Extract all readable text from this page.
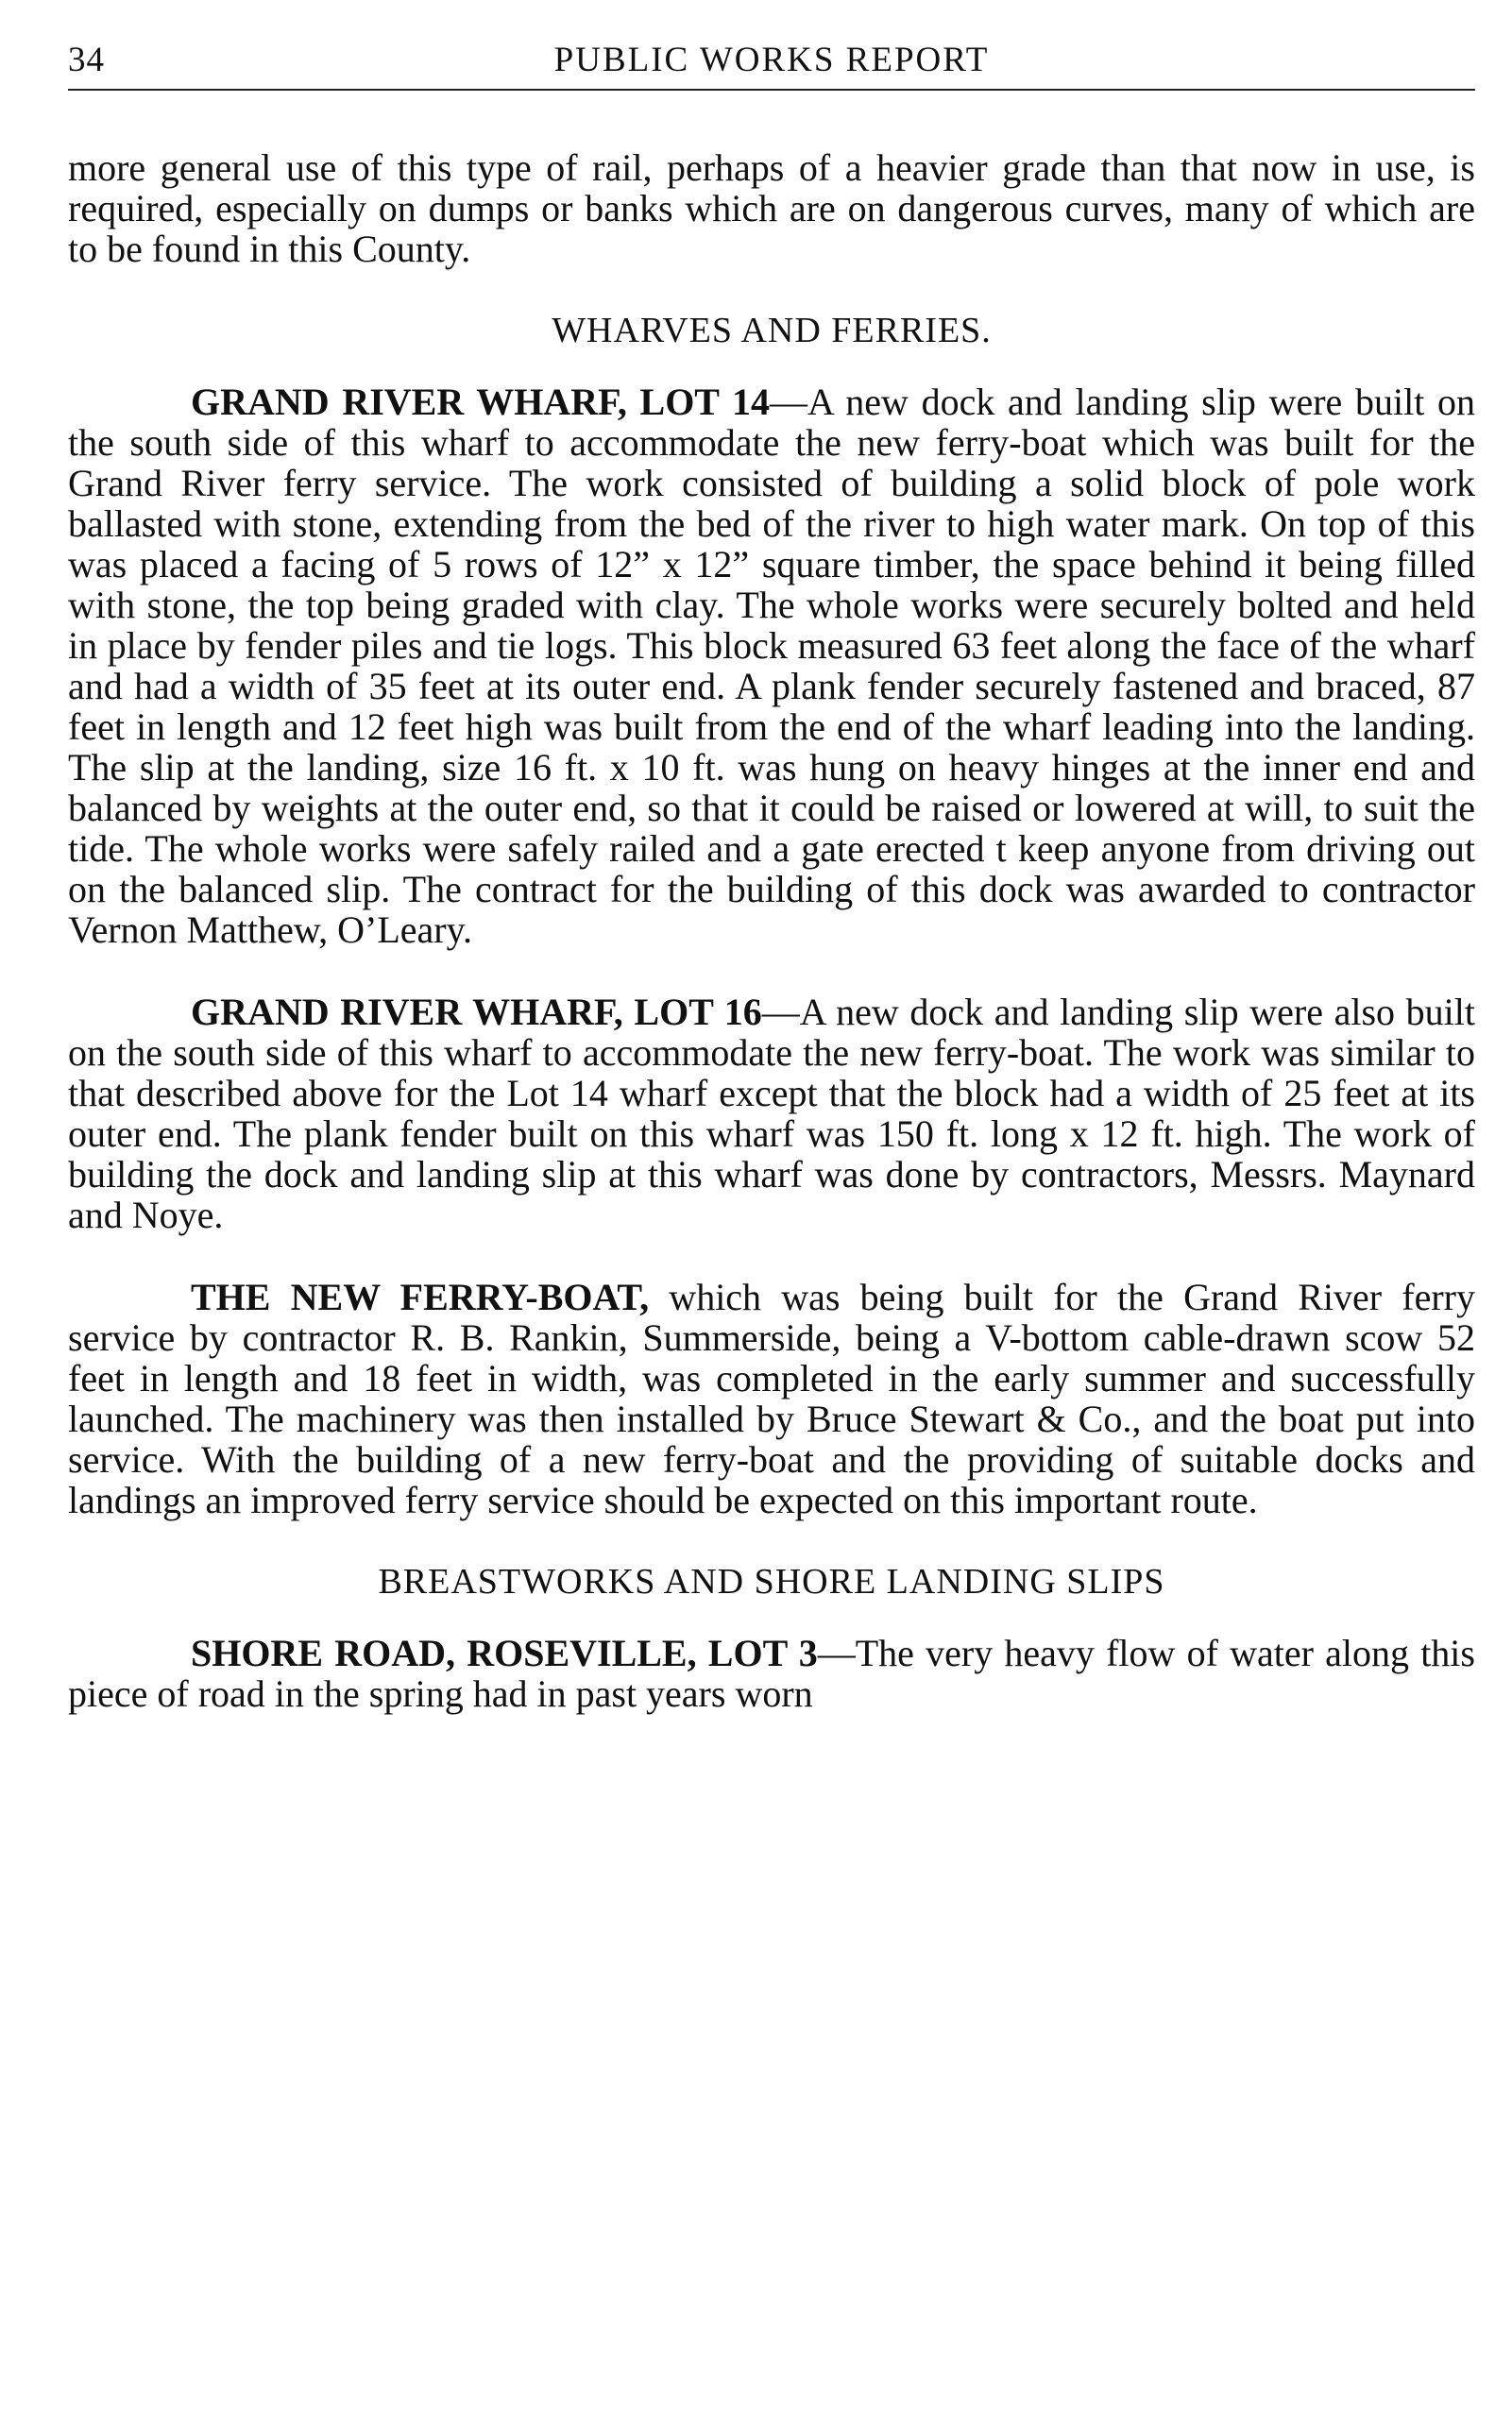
34	PUBLIC WORKS REPORT

more general use of this type of rail, perhaps of a heavier grade than that now in use, is required, especially on dumps or banks which are on dangerous curves, many of which are to be found in this County.

WHARVES AND FERRIES.

GRAND RIVER WHARF, LOT 14—A new dock and landing slip were built on the south side of this wharf to accommodate the new ferry-boat which was built for the Grand River ferry service. The work consisted of building a solid block of pole work ballasted with stone, extending from the bed of the river to high water mark. On top of this was placed a facing of 5 rows of 12” x 12” square timber, the space behind it being filled with stone, the top being graded with clay. The whole works were securely bolted and held in place by fender piles and tie logs. This block measured 63 feet along the face of the wharf and had a width of 35 feet at its outer end. A plank fender securely fastened and braced, 87 feet in length and 12 feet high was built from the end of the wharf leading into the landing. The slip at the landing, size 16 ft. x 10 ft. was hung on heavy hinges at the inner end and balanced by weights at the outer end, so that it could be raised or lowered at will, to suit the tide. The whole works were safely railed and a gate erected t keep anyone from driving out on the balanced slip. The contract for the building of this dock was awarded to contractor Vernon Matthew, O’Leary.

GRAND RIVER WHARF, LOT 16—A new dock and landing slip were also built on the south side of this wharf to accommodate the new ferry-boat. The work was similar to that described above for the Lot 14 wharf except that the block had a width of 25 feet at its outer end. The plank fender built on this wharf was 150 ft. long x 12 ft. high. The work of building the dock and landing slip at this wharf was done by contractors, Messrs. Maynard and Noye.

THE NEW FERRY-BOAT, which was being built for the Grand River ferry service by contractor R. B. Rankin, Summerside, being a V-bottom cable-drawn scow 52 feet in length and 18 feet in width, was completed in the early summer and successfully launched. The machinery was then installed by Bruce Stewart & Co., and the boat put into service. With the building of a new ferry-boat and the providing of suitable docks and landings an improved ferry service should be expected on this important route.

BREASTWORKS AND SHORE LANDING SLIPS

SHORE ROAD, ROSEVILLE, LOT 3—The very heavy flow of water along this piece of road in the spring had in past years worn
